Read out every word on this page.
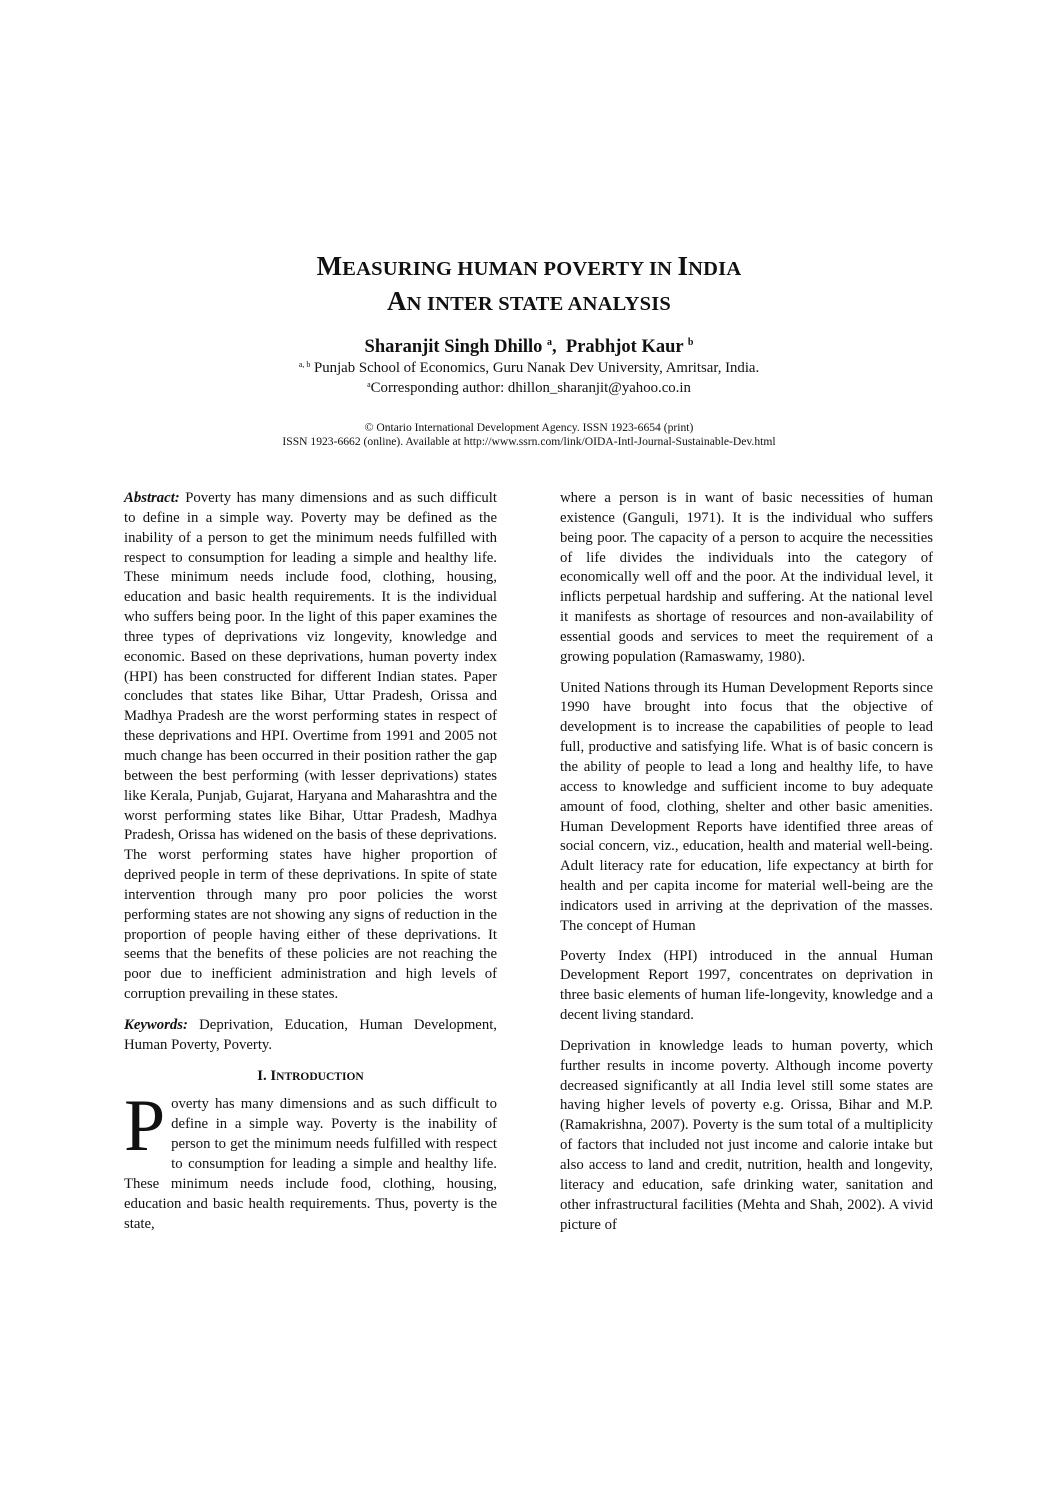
MEASURING HUMAN POVERTY IN INDIA
AN INTER STATE ANALYSIS
Sharanjit Singh Dhillo $^a$,  Prabhjot Kaur $^b$
$^{a, b}$ Punjab School of Economics, Guru Nanak Dev University, Amritsar, India.
$^a$Corresponding author: dhillon_sharanjit@yahoo.co.in
© Ontario International Development Agency. ISSN 1923-6654 (print)
ISSN 1923-6662 (online). Available at http://www.ssrn.com/link/OIDA-Intl-Journal-Sustainable-Dev.html

Abstract: Poverty has many dimensions and as such difficult to define in a simple way. Poverty may be defined as the inability of a person to get the minimum needs fulfilled with respect to consumption for leading a simple and healthy life. These minimum needs include food, clothing, housing, education and basic health requirements. It is the individual who suffers being poor. In the light of this paper examines the three types of deprivations viz longevity, knowledge and economic. Based on these deprivations, human poverty index (HPI) has been constructed for different Indian states. Paper concludes that states like Bihar, Uttar Pradesh, Orissa and Madhya Pradesh are the worst performing states in respect of these deprivations and HPI. Overtime from 1991 and 2005 not much change has been occurred in their position rather the gap between the best performing (with lesser deprivations) states like Kerala, Punjab, Gujarat, Haryana and Maharashtra and the worst performing states like Bihar, Uttar Pradesh, Madhya Pradesh, Orissa has widened on the basis of these deprivations. The worst performing states have higher proportion of deprived people in term of these deprivations. In spite of state intervention through many pro poor policies the worst performing states are not showing any signs of reduction in the proportion of people having either of these deprivations. It seems that the benefits of these policies are not reaching the poor due to inefficient administration and high levels of corruption prevailing in these states.

Keywords: Deprivation, Education, Human Development, Human Poverty, Poverty.

I. INTRODUCTION

Poverty has many dimensions and as such difficult to define in a simple way. Poverty is the inability of person to get the minimum needs fulfilled with respect to consumption for leading a simple and healthy life. These minimum needs include food, clothing, housing, education and basic health requirements. Thus, poverty is the state,

where a person is in want of basic necessities of human existence (Ganguli, 1971). It is the individual who suffers being poor. The capacity of a person to acquire the necessities of life divides the individuals into the category of economically well off and the poor. At the individual level, it inflicts perpetual hardship and suffering. At the national level it manifests as shortage of resources and non-availability of essential goods and services to meet the requirement of a growing population (Ramaswamy, 1980).

United Nations through its Human Development Reports since 1990 have brought into focus that the objective of development is to increase the capabilities of people to lead full, productive and satisfying life. What is of basic concern is the ability of people to lead a long and healthy life, to have access to knowledge and sufficient income to buy adequate amount of food, clothing, shelter and other basic amenities. Human Development Reports have identified three areas of social concern, viz., education, health and material well-being. Adult literacy rate for education, life expectancy at birth for health and per capita income for material well-being are the indicators used in arriving at the deprivation of the masses. The concept of Human

Poverty Index (HPI) introduced in the annual Human Development Report 1997, concentrates on deprivation in three basic elements of human life-longevity, knowledge and a decent living standard.

Deprivation in knowledge leads to human poverty, which further results in income poverty. Although income poverty decreased significantly at all India level still some states are having higher levels of poverty e.g. Orissa, Bihar and M.P. (Ramakrishna, 2007). Poverty is the sum total of a multiplicity of factors that included not just income and calorie intake but also access to land and credit, nutrition, health and longevity, literacy and education, safe drinking water, sanitation and other infrastructural facilities (Mehta and Shah, 2002). A vivid picture of
